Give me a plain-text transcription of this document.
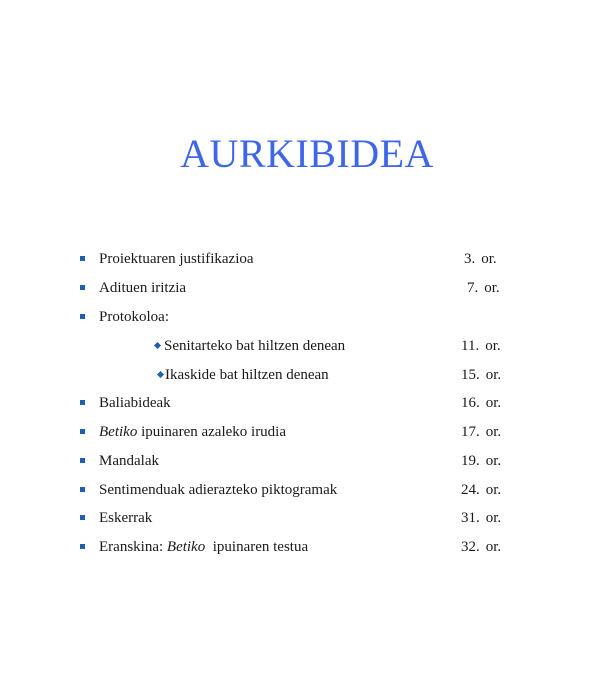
AURKIBIDEA
Proiektuaren justifikazioa	3. or.
Adituen iritzia	7. or.
Protokoloa:
Senitarteko bat hiltzen denean	11. or.
Ikaskide bat hiltzen denean	15. or.
Baliabideak	16. or.
Betiko ipuinaren azaleko irudia	17. or.
Mandalak	19. or.
Sentimenduak adierazteko piktogramak	24. or.
Eskerrak	31. or.
Eranskina: Betiko  ipuinaren testua	32. or.
